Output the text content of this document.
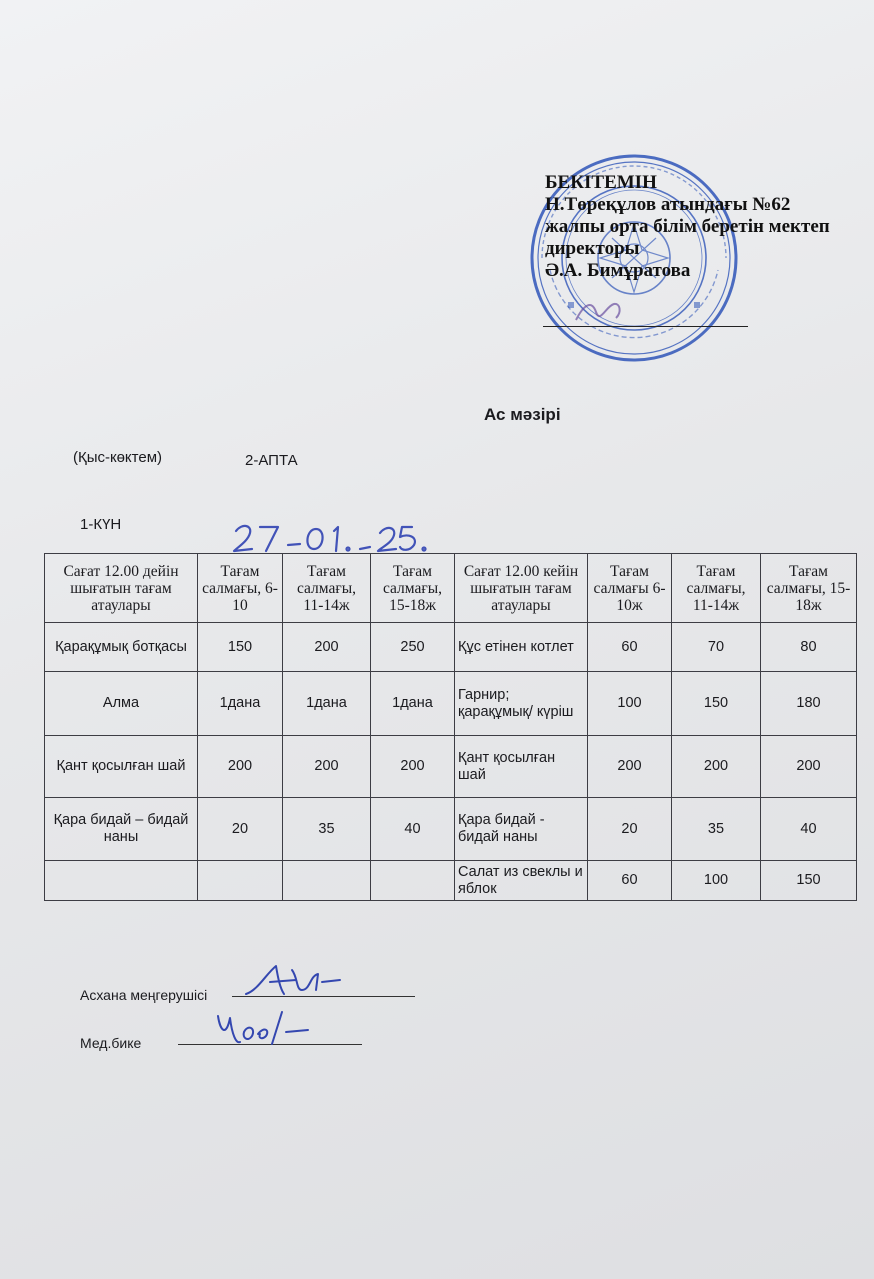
БЕКІТЕМІН
Н.Төреқұлов атындағы №62
жалпы орта білім беретін мектеп
директоры
Ә.А. Бимұратова
Ас мәзірі
(Қыс-көктем)	2-АПТА
1-КҮН
Сағат 12.00 дейін шығатын тағам атаулары	Тағам салмағы, 6-10	Тағам салмағы, 11-14ж	Тағам салмағы, 15-18ж	Сағат 12.00 кейін шығатын тағам атаулары	Тағам салмағы 6-10ж	Тағам салмағы, 11-14ж	Тағам салмағы, 15-18ж
Қарақұмық ботқасы	150	200	250	Құс етінен котлет	60	70	80
Алма	1дана	1дана	1дана	Гарнир; қарақұмық/ күріш	100	150	180
Қант қосылған шай	200	200	200	Қант қосылған шай	200	200	200
Қара бидай – бидай наны	20	35	40	Қара бидай - бидай наны	20	35	40
				Салат из свеклы и яблок	60	100	150
Асхана меңгерушісі
Мед.бике
